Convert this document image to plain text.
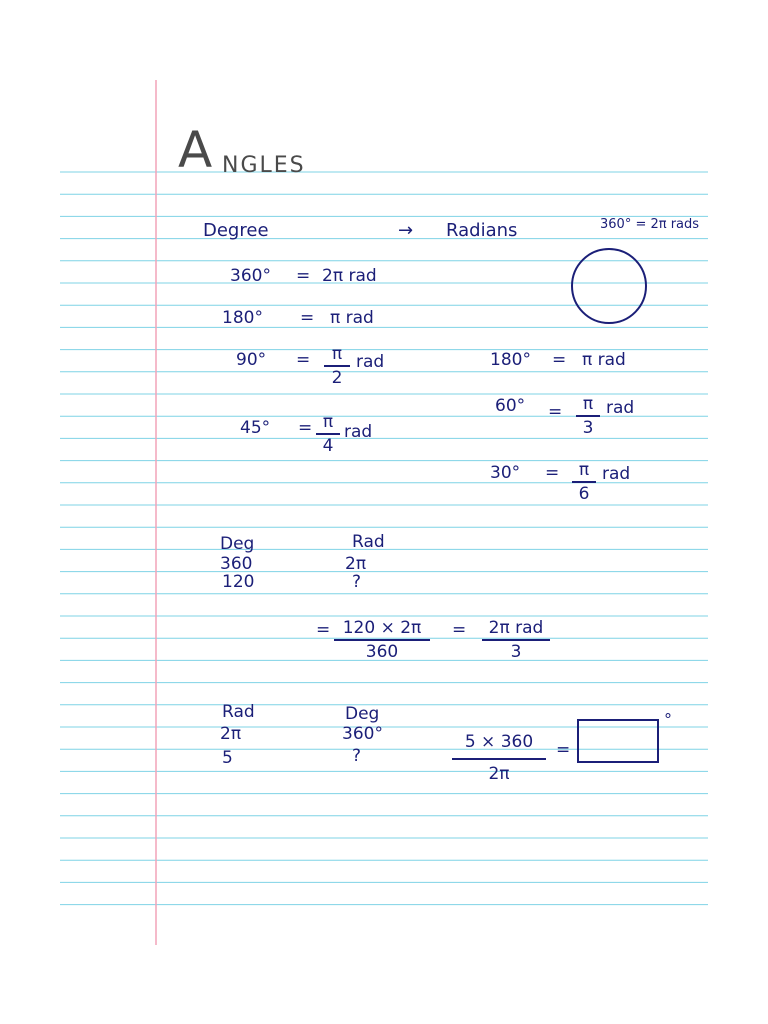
A NGLES
Degree	→ Radians	360° = 2π rads
360° = 2π rad
180° = π rad
90° =	π
2
rad
45° = π
4
rad
180° = π rad
60° =	π
3
rad
30° =	π
6
rad
Deg	Rad
360	2π
120	?
= 120 × 2π
360
=	2π rad
3
Rad	Deg
2π	360°
5	?
5 × 360
2π
=
°
